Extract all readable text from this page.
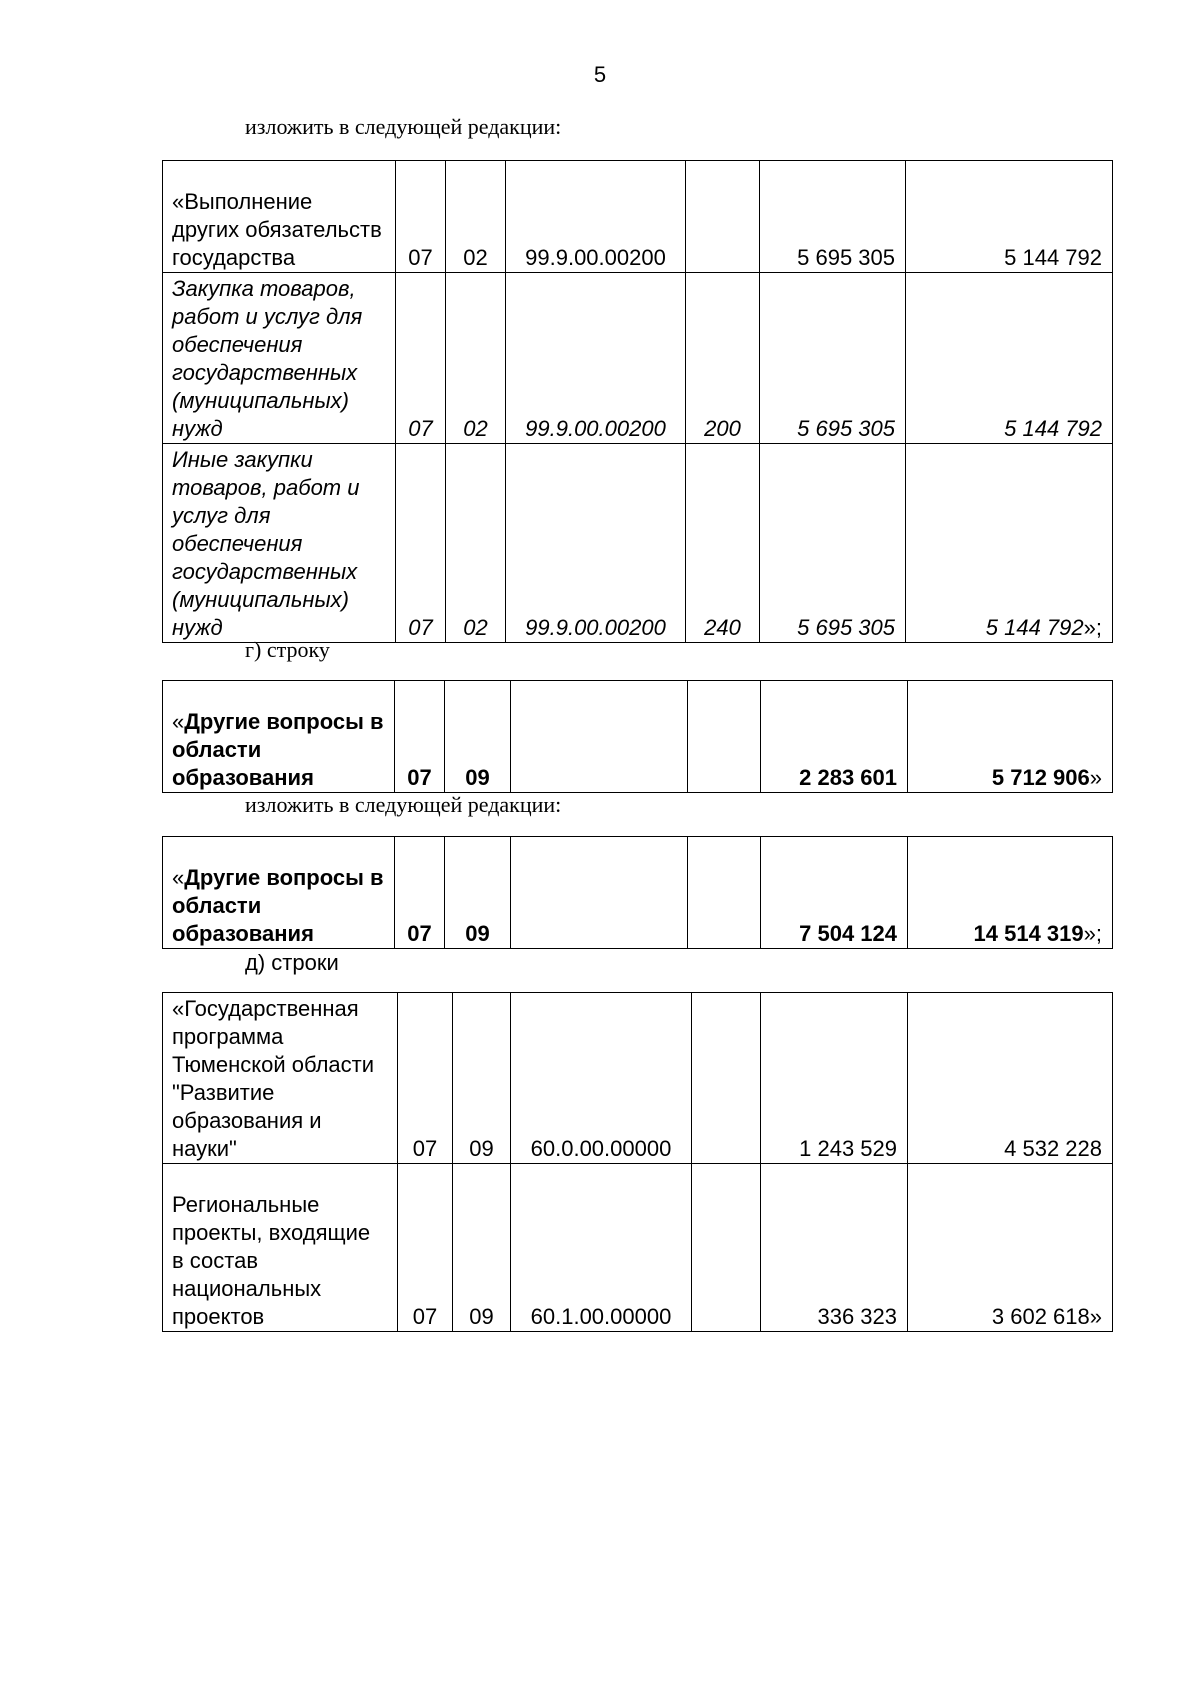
5
изложить в следующей редакции:
«Выполнение других обязательств государства	07	02	99.9.00.00200		5 695 305	5 144 792
Закупка товаров, работ и услуг для обеспечения государственных (муниципальных) нужд	07	02	99.9.00.00200	200	5 695 305	5 144 792
Иные закупки товаров, работ и услуг для обеспечения государственных (муниципальных) нужд	07	02	99.9.00.00200	240	5 695 305	5 144 792»;
г) строку
«Другие вопросы в области образования	07	09			2 283 601	5 712 906»
изложить в следующей редакции:
«Другие вопросы в области образования	07	09			7 504 124	14 514 319»;
д) строки
«Государственная программа Тюменской области "Развитие образования и науки"	07	09	60.0.00.00000		1 243 529	4 532 228
Региональные проекты, входящие в состав национальных проектов	07	09	60.1.00.00000		336 323	3 602 618»
